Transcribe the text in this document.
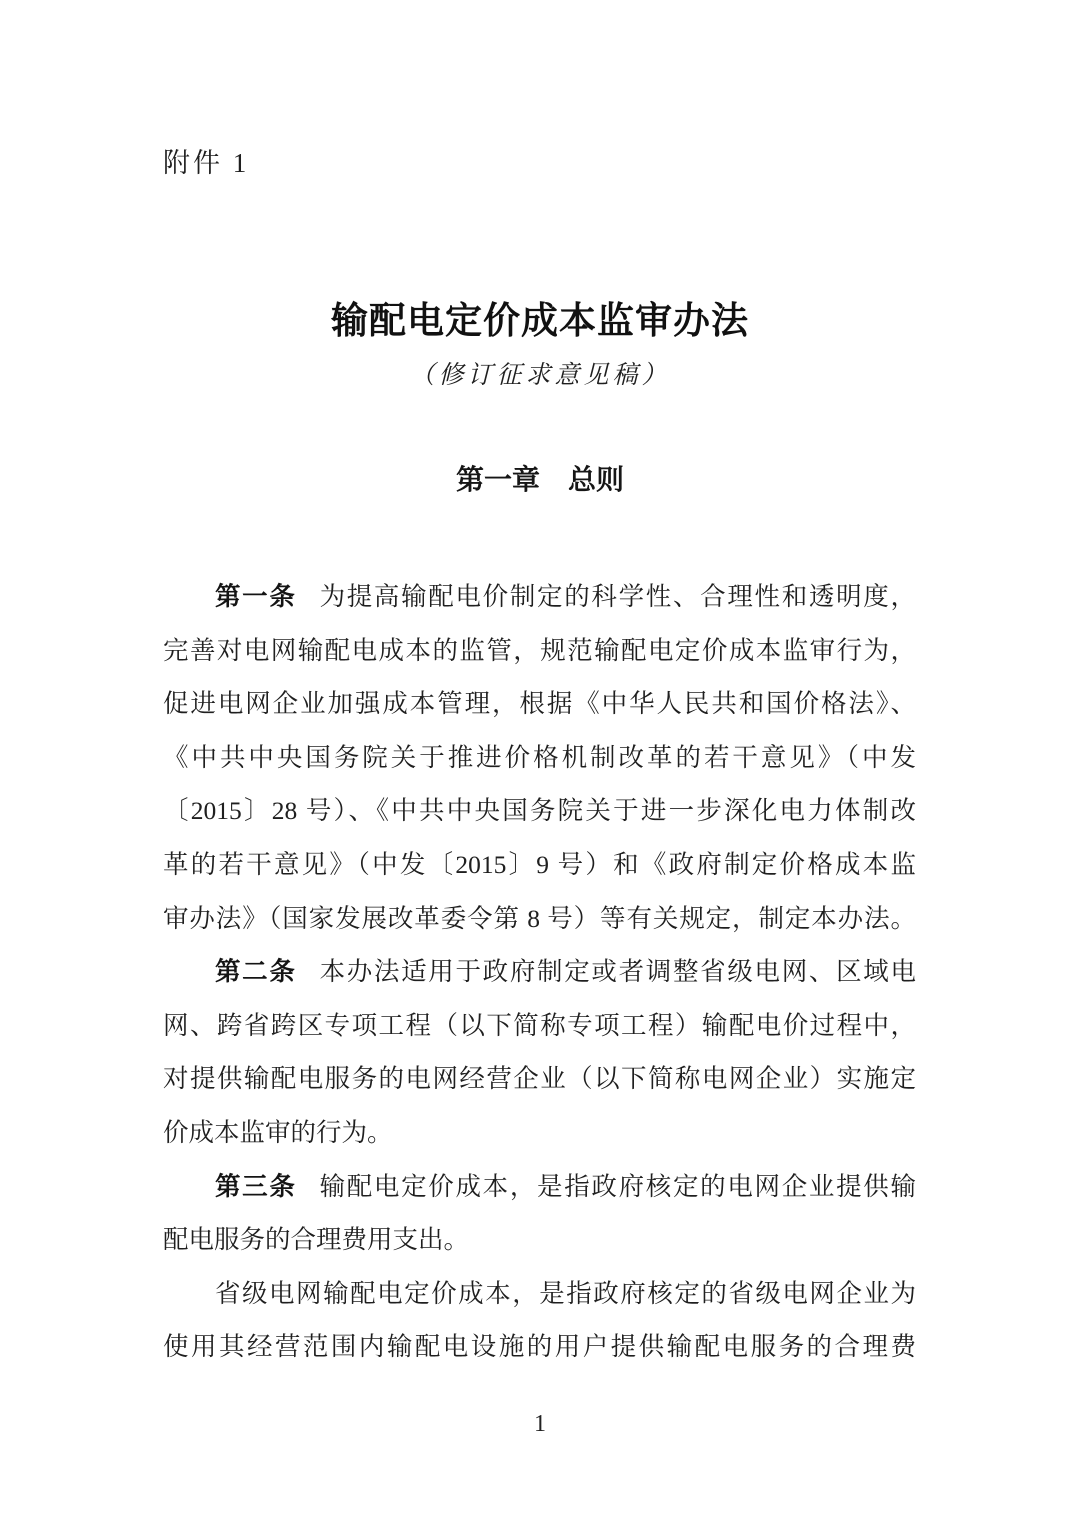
附件 1
输配电定价成本监审办法
（修订征求意见稿）
第一章 总则
第一条 为提高输配电价制定的科学性、合理性和透明度，
完善对电网输配电成本的监管，规范输配电定价成本监审行为，
促进电网企业加强成本管理，根据《中华人民共和国价格法》、
《中共中央国务院关于推进价格机制改革的若干意见》（中发
〔2015〕28 号）、《中共中央国务院关于进一步深化电力体制改
革的若干意见》（中发〔2015〕9 号）和《政府制定价格成本监
审办法》（国家发展改革委令第 8 号）等有关规定，制定本办法。
第二条 本办法适用于政府制定或者调整省级电网、区域电
网、跨省跨区专项工程（以下简称专项工程）输配电价过程中，
对提供输配电服务的电网经营企业（以下简称电网企业）实施定
价成本监审的行为。
第三条 输配电定价成本，是指政府核定的电网企业提供输
配电服务的合理费用支出。
省级电网输配电定价成本，是指政府核定的省级电网企业为
使用其经营范围内输配电设施的用户提供输配电服务的合理费
1
